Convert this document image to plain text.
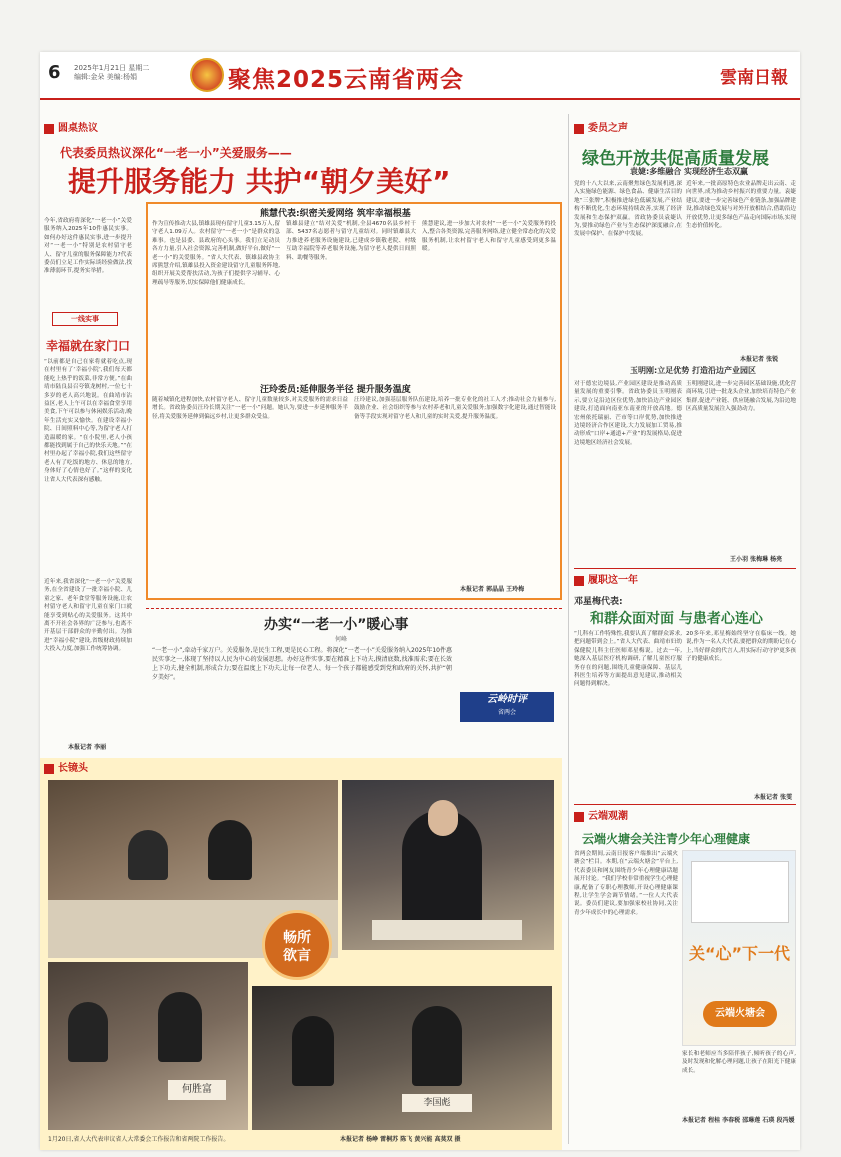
6 2025年1月21日 星期二
编辑:金朵 美编:杨娟	聚焦2025云南省两会	雲南日報
圆桌热议
代表委员热议深化“一老一小”关爱服务——
提升服务能力 共护“朝夕美好”
今年,省政府将深化“一老一小”关爱服务纳入2025年10件惠民实事。如何办好这件惠民实事,进一步提升对“一老一小”特别是农村留守老人、留守儿童的服务保障能力?代表委员们立足工作实际谈经验做法,找准薄弱环节,提务实举措。
一线实事
幸福就在家门口
“以前都是自己在家将就着吃点,现在村里有了‘幸福小院’,我们每天都能吃上热乎的饭菜,非常方便。”在曲靖市陆良县召夸镇龙树村,一位七十多岁的老人高兴地说。在曲靖市沾益区,老人上午可以在幸福食堂享用美食,下午可以参与休闲娱乐活动,晚年生活充实又愉快。在建设幸福小院、日间照料中心等,为留守老人打造温暖的家。“在小院里,老人小孩都能找到属于自己的快乐天地。”“在村里办起了幸福小院,我们这些留守老人有了吃饭的地方、休息的地方,身体好了心情也好了。”这样的变化让省人大代表深有感触。
近年来,我省深化“一老一小”关爱服务,在全省建设了一批幸福小院、儿童之家、老年食堂等服务设施,让农村留守老人和留守儿童在家门口就能享受到贴心的关爱服务。这其中离不开社会各界的广泛参与,也离不开基层干部群众的辛勤付出。为推进“幸福小院”建设,省级财政持续加大投入力度,加强工作统筹协调。
本报记者 李丽
熊慧代表:织密关爱网络 筑牢幸福根基
作为宣传推动大县,镇雄县现有留守儿童3.15万人,留守老人1.09万人。农村留守“一老一小”是群众的急难事。也是县委、县政府的心头事。我们立足动员各方力量,引入社会资源,完善机制,做好平台,做好“一老一小”的关爱服务。“省人大代表、镇雄县政协主席熊慧介绍,镇雄县投入资金建设留守儿童服务阵地,组织开展关爱帮扶活动,为孩子们提供学习辅导、心理疏导等服务,切实保障他们健康成长。
镇雄县建立“结对关爱”机制,全县4670名县乡村干部、5437名志愿者与留守儿童结对。同时镇雄县大力推进养老服务设施建设,已建成乡镇敬老院、村级互助幸福院等养老服务设施,为留守老人提供日间照料、助餐等服务。
熊慧建议,进一步加大对农村“一老一小”关爱服务的投入,整合各类资源,完善服务网络,建立健全常态化的关爱服务机制,让农村留守老人和留守儿童感受到更多温暖。
汪玲委员:延伸服务半径 提升服务温度
随着城镇化进程加快,农村留守老人、留守儿童数量较多,对关爱服务的需求日益增长。省政协委员汪玲长期关注“一老一小”问题。她认为,要进一步延伸服务半径,将关爱服务延伸到偏远乡村,让更多群众受益。
汪玲建议,加强基层服务队伍建设,培养一批专业化的社工人才;推动社会力量参与,鼓励企业、社会组织等参与农村养老和儿童关爱服务;加强数字化建设,通过智能设备等手段实现对留守老人和儿童的实时关爱,提升服务温度。
本报记者 郭晶晶 王玲梅
办实“一老一小”暖心事
何峰
“一老一小”,牵动千家万户。关爱服务,是民生工程,更是民心工程。将深化“一老一小”关爱服务纳入2025年10件惠民实事之一,体现了坚持以人民为中心的发展思想。办好这件实事,要在精准上下功夫,摸清底数,找准需求;要在长效上下功夫,健全机制,形成合力;要在温度上下功夫,让每一位老人、每一个孩子都能感受到党和政府的关怀,共护“朝夕美好”。
云岭时评
省两会
长镜头
何胜富
畅所
欲言
李国彪
1月20日,省人大代表审议省人大常委会工作报告和省两院工作报告。	本报记者 杨峥 雷桐苏 陈飞 黄兴能 高莫双 摄
委员之声
绿色开放共促高质量发展
袁婕:多维融合 实现经济生态双赢
党的十八大以来,云南聚焦绿色发展机遇,深入实施绿色能源、绿色食品、健康生活目的地“三张牌”,积极推进绿色低碳发展,产业结构不断优化,生态环境持续改善,实现了经济发展和生态保护双赢。省政协委员袁婕认为,要推动绿色产业与生态保护深度融合,在发展中保护、在保护中发展。
近年来,一批高原特色农业品牌走出云南、走向世界,成为推动乡村振兴的重要力量。袁婕建议,要进一步完善绿色产业链条,加强品牌建设,推动绿色发展与对外开放相结合,借助沿边开放优势,让更多绿色产品走向国际市场,实现生态价值转化。
本报记者 张锐
玉明刚:立足优势 打造沿边产业园区
对于德宏边境县,产业园区建设是推动高质量发展的重要引擎。省政协委员玉明刚表示,要立足沿边区位优势,加快沿边产业园区建设,打造面向南亚东南亚的开放高地。德宏州依托瑞丽、芒市等口岸优势,加快推进边境经济合作区建设,大力发展加工贸易,推动形成“口岸+通道+产业”的发展格局,促进边境地区经济社会发展。
玉明刚建议,进一步完善园区基础设施,优化营商环境,引进一批龙头企业,加快培育特色产业集群,促进产业链、供应链融合发展,为沿边地区高质量发展注入强劲动力。
王小羽 张梅琳 杨亮
履职这一年
邓星梅代表:
和群众面对面 与患者心连心
“儿科有工作特殊性,我要认真了解群众诉求,把问题带到会上。”省人大代表、曲靖市妇幼保健院儿科主任医师邓星梅说。过去一年,她深入基层医疗机构调研,了解儿童医疗服务存在的问题,围绕儿童健康保障、基层儿科医生培养等方面提出意见建议,推动相关问题得到解决。
20多年来,邓星梅始终坚守在临床一线。她说,作为一名人大代表,要把群众的期盼记在心上,当好群众的代言人,用实际行动守护更多孩子的健康成长。
本报记者 张雯
云端观潮
云端火塘会关注青少年心理健康
省两会期间,云南日报客户端推出“云端火塘会”栏目。本期,在“云端火塘会”平台上,代表委员和网友围绕青少年心理健康话题展开讨论。“我们学校非常重视学生心理健康,配备了专职心理教师,开设心理健康课程,让学生学会调节情绪。”一位人大代表说。委员们建议,要加强家校社协同,关注青少年成长中的心理需求。
关“心”下一代
云端火塘会
家长和老师应当多陪伴孩子,倾听孩子的心声,及时发现和化解心理问题,让孩子在阳光下健康成长。
本报记者 程桂 李春税 邵琳莲 石瑛 段冯媛
